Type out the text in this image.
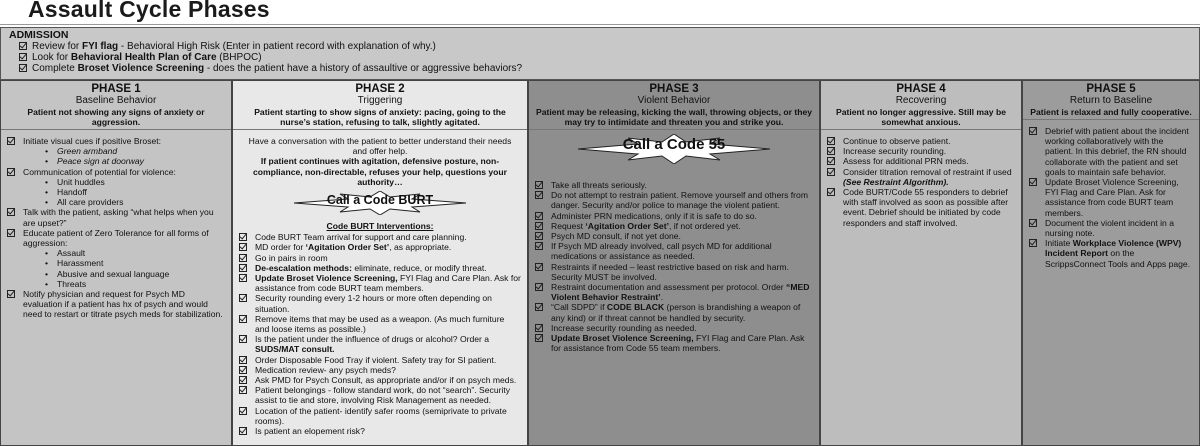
Assault Cycle Phases
ADMISSION
Review for FYI flag - Behavioral High Risk (Enter in patient record with explanation of why.)
Look for Behavioral Health Plan of Care (BHPOC)
Complete Broset Violence Screening - does the patient have a history of assaultive or aggressive behaviors?
PHASE 1
Baseline Behavior
Patient not showing any signs of anxiety or aggression.
Initiate visual cues if positive Broset:
• Green armband
• Peace sign at doorway
Communication of potential for violence:
• Unit huddles
• Handoff
• All care providers
Talk with the patient, asking “what helps when you are upset?”
Educate patient of Zero Tolerance for all forms of aggression:
• Assault
• Harassment
• Abusive and sexual language
• Threats
Notify physician and request for Psych MD evaluation if a patient has hx of psych and would need to restart or titrate psych meds for stabilization.
PHASE 2
Triggering
Patient starting to show signs of anxiety: pacing, going to the nurse’s station, refusing to talk, slightly agitated.
Have a conversation with the patient to better understand their needs and offer help.
If patient continues with agitation, defensive posture, non-compliance, non-directable, refuses your help, questions your authority…
Call a Code BURT
Code BURT Interventions:
Code BURT Team arrival for support and care planning.
MD order for ‘Agitation Order Set’, as appropriate.
Go in pairs in room
De-escalation methods: eliminate, reduce, or modify threat.
Update Broset Violence Screening, FYI Flag and Care Plan. Ask for assistance from code BURT team members.
Security rounding every 1-2 hours or more often depending on situation.
Remove items that may be used as a weapon. (As much furniture and loose items as possible.)
Is the patient under the influence of drugs or alcohol? Order a SUDS/MAT consult.
Order Disposable Food Tray if violent. Safety tray for SI patient.
Medication review- any psych meds?
Ask PMD for Psych Consult, as appropriate and/or if on psych meds.
Patient belongings - follow standard work, do not “search”. Security assist to tie and store, involving Risk Management as needed.
Location of the patient- identify safer rooms (semiprivate to private rooms).
Is patient an elopement risk?
PHASE 3
Violent Behavior
Patient may be releasing, kicking the wall, throwing objects, or they may try to intimidate and threaten you and strike you.
Call a Code 55
Take all threats seriously.
Do not attempt to restrain patient. Remove yourself and others from danger. Security and/or police to manage the violent patient.
Administer PRN medications, only if it is safe to do so.
Request ‘Agitation Order Set’, if not ordered yet.
Psych MD consult, if not yet done.
If Psych MD already involved, call psych MD for additional medications or assistance as needed.
Restraints if needed – least restrictive based on risk and harm. Security MUST be involved.
Restraint documentation and assessment per protocol. Order “MED Violent Behavior Restraint’.
“Call SDPD” if CODE BLACK (person is brandishing a weapon of any kind) or if threat cannot be handled by security.
Increase security rounding as needed.
Update Broset Violence Screening, FYI Flag and Care Plan. Ask for assistance from Code 55 team members.
PHASE 4
Recovering
Patient no longer aggressive. Still may be somewhat anxious.
Continue to observe patient.
Increase security rounding.
Assess for additional PRN meds.
Consider titration removal of restraint if used (See Restraint Algorithm).
Code BURT/Code 55 responders to debrief with staff involved as soon as possible after event. Debrief should be initiated by code responders and staff involved.
PHASE 5
Return to Baseline
Patient is relaxed and fully cooperative.
Debrief with patient about the incident working collaboratively with the patient. In this debrief, the RN should collaborate with the patient and set goals to maintain safe behavior.
Update Broset Violence Screening, FYI Flag and Care Plan. Ask for assistance from code BURT team members.
Document the violent incident in a nursing note.
Initiate Workplace Violence (WPV) Incident Report on the ScrippsConnect Tools and Apps page.
